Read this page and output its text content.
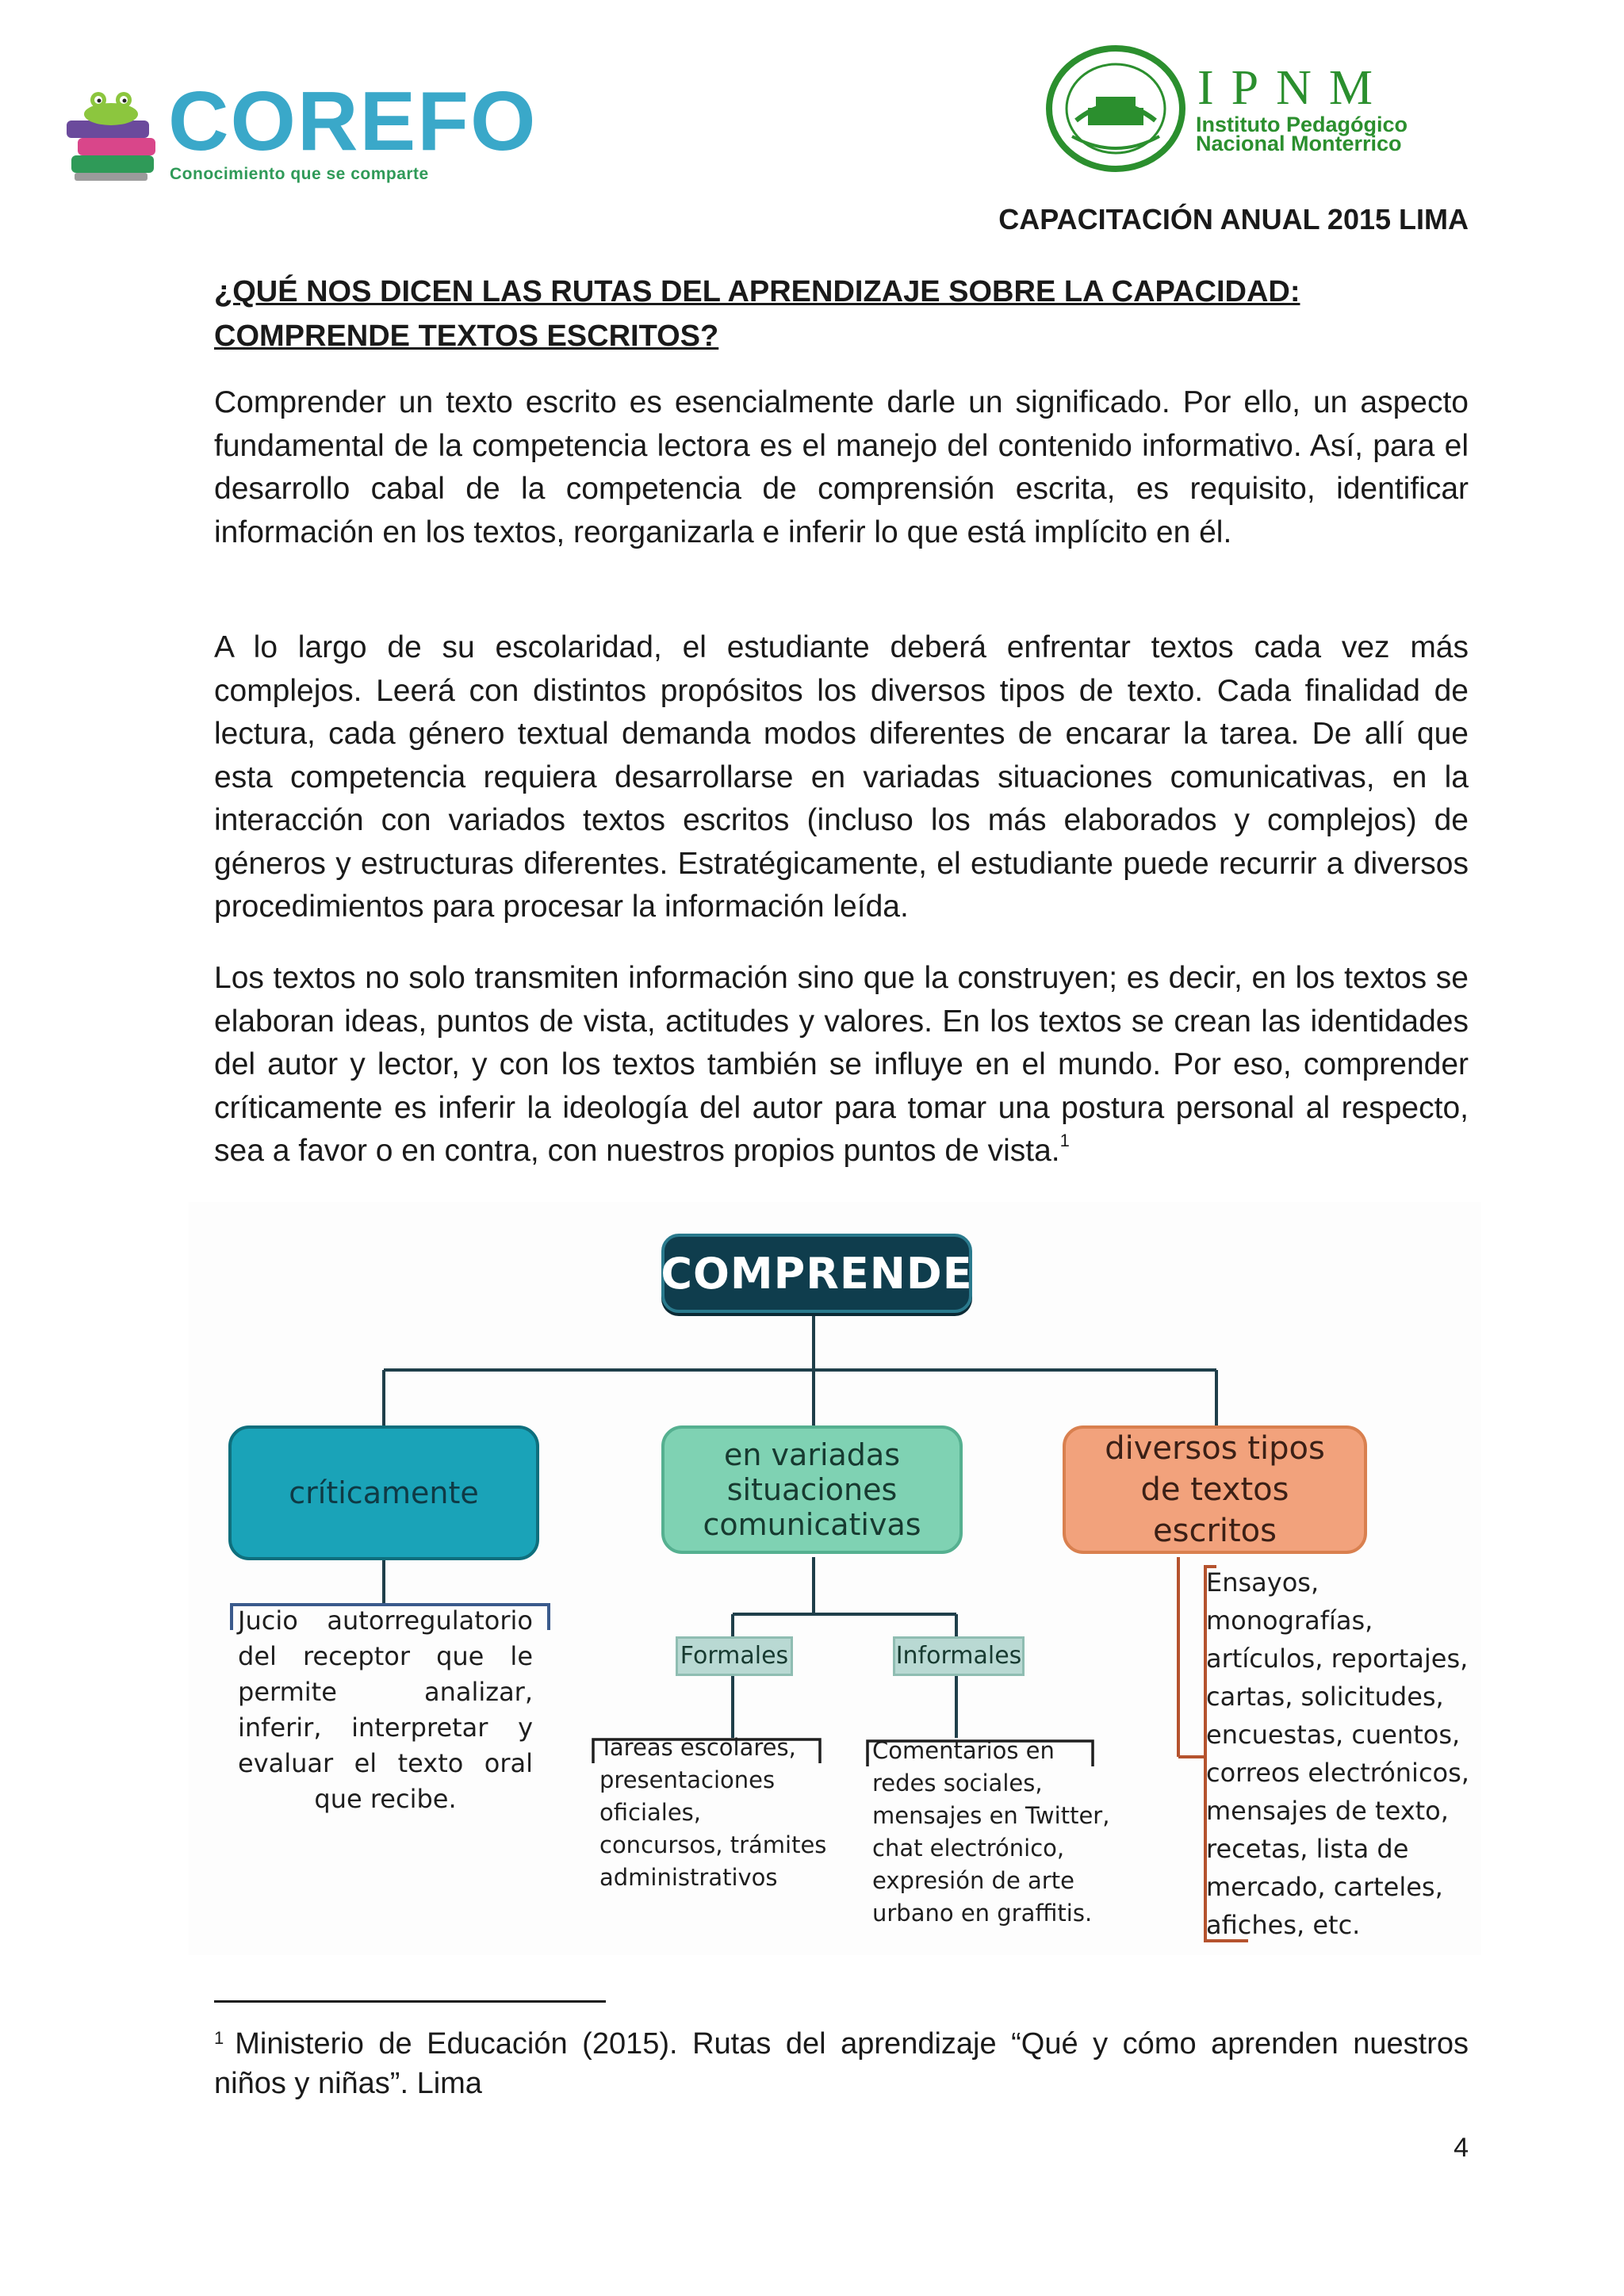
COREFO
Conocimiento que se comparte
IPNM
Instituto Pedagógico
Nacional Monterrico
CAPACITACIÓN ANUAL 2015 LIMA
¿QUÉ NOS DICEN LAS RUTAS DEL APRENDIZAJE SOBRE LA CAPACIDAD: COMPRENDE TEXTOS ESCRITOS?

Comprender un texto escrito es esencialmente darle un significado. Por ello, un aspecto fundamental de la competencia lectora es el manejo del contenido informativo. Así, para el desarrollo cabal de la competencia de comprensión escrita, es requisito, identificar información en los textos, reorganizarla e inferir lo que está implícito en él.

A lo largo de su escolaridad, el estudiante deberá enfrentar textos cada vez más complejos. Leerá con distintos propósitos los diversos tipos de texto. Cada finalidad de lectura, cada género textual demanda modos diferentes de encarar la tarea. De allí que esta competencia requiera desarrollarse en variadas situaciones comunicativas, en la interacción con variados textos escritos (incluso los más elaborados y complejos) de géneros y estructuras diferentes. Estratégicamente, el estudiante puede recurrir a diversos procedimientos para procesar la información leída.

Los textos no solo transmiten información sino que la construyen; es decir, en los textos se elaboran ideas, puntos de vista, actitudes y valores. En los textos se crean las identidades del autor y lector, y con los textos también se influye en el mundo. Por eso, comprender críticamente es inferir la ideología del autor para tomar una postura personal al respecto, sea a favor o en contra, con nuestros propios puntos de vista.$^1$

COMPRENDE
críticamente
en variadas situaciones comunicativas
diversos tipos de textos escritos
Formales	Informales
Jucio autorregulatorio del receptor que le permite analizar, inferir, interpretar y evaluar el texto oral que recibe.
Tareas escolares, presentaciones oficiales, concursos, trámites administrativos
Comentarios en redes sociales, mensajes en Twitter, chat electrónico, expresión de arte urbano en graffitis.
Ensayos, monografías, artículos, reportajes, cartas, solicitudes, encuestas, cuentos, correos electrónicos, mensajes de texto, recetas, lista de mercado, carteles, afiches, etc.
$^1$ Ministerio de Educación (2015). Rutas del aprendizaje “Qué y cómo aprenden nuestros niños y niñas”. Lima
4
